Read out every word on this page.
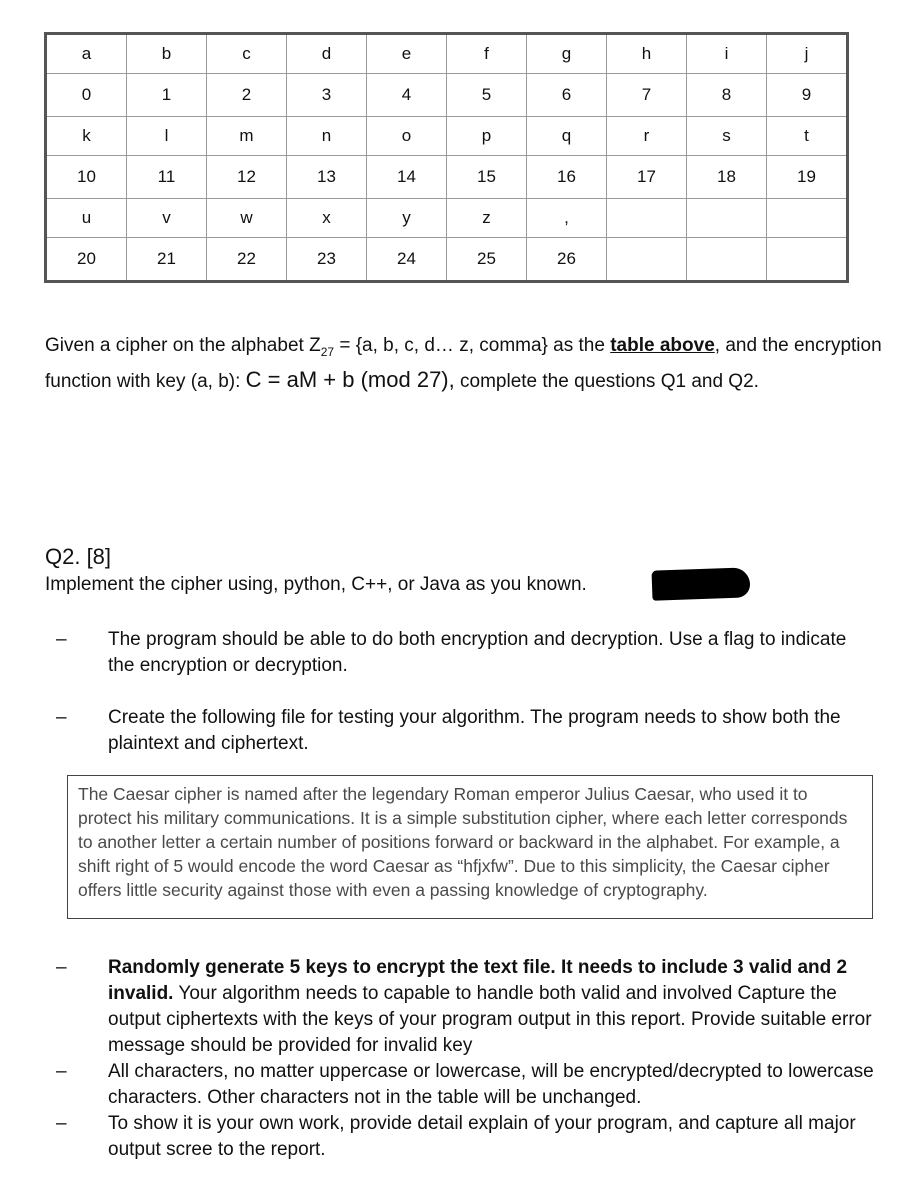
a	b	c	d	e	f	g	h	i	j
0	1	2	3	4	5	6	7	8	9
k	l	m	n	o	p	q	r	s	t
10	11	12	13	14	15	16	17	18	19
u	v	w	x	y	z	,			
20	21	22	23	24	25	26			
Given a cipher on the alphabet $Z_{27} = \{a$, b, c, d… z, comma} as the table above, and the encryption function with key (a, b): C = aM + b (mod 27), complete the questions Q1 and Q2.
Q2. [8]
Implement the cipher using, python, C++, or Java as you known.
– The program should be able to do both encryption and decryption. Use a flag to indicate the encryption or decryption.
– Create the following file for testing your algorithm. The program needs to show both the plaintext and ciphertext.
The Caesar cipher is named after the legendary Roman emperor Julius Caesar, who used it to protect his military communications. It is a simple substitution cipher, where each letter corresponds to another letter a certain number of positions forward or backward in the alphabet. For example, a shift right of 5 would encode the word Caesar as “hfjxfw”. Due to this simplicity, the Caesar cipher offers little security against those with even a passing knowledge of cryptography.
– Randomly generate 5 keys to encrypt the text file. It needs to include 3 valid and 2 invalid. Your algorithm needs to capable to handle both valid and involved Capture the output ciphertexts with the keys of your program output in this report. Provide suitable error message should be provided for invalid key
– All characters, no matter uppercase or lowercase, will be encrypted/decrypted to lowercase characters. Other characters not in the table will be unchanged.
– To show it is your own work, provide detail explain of your program, and capture all major output scree to the report.
